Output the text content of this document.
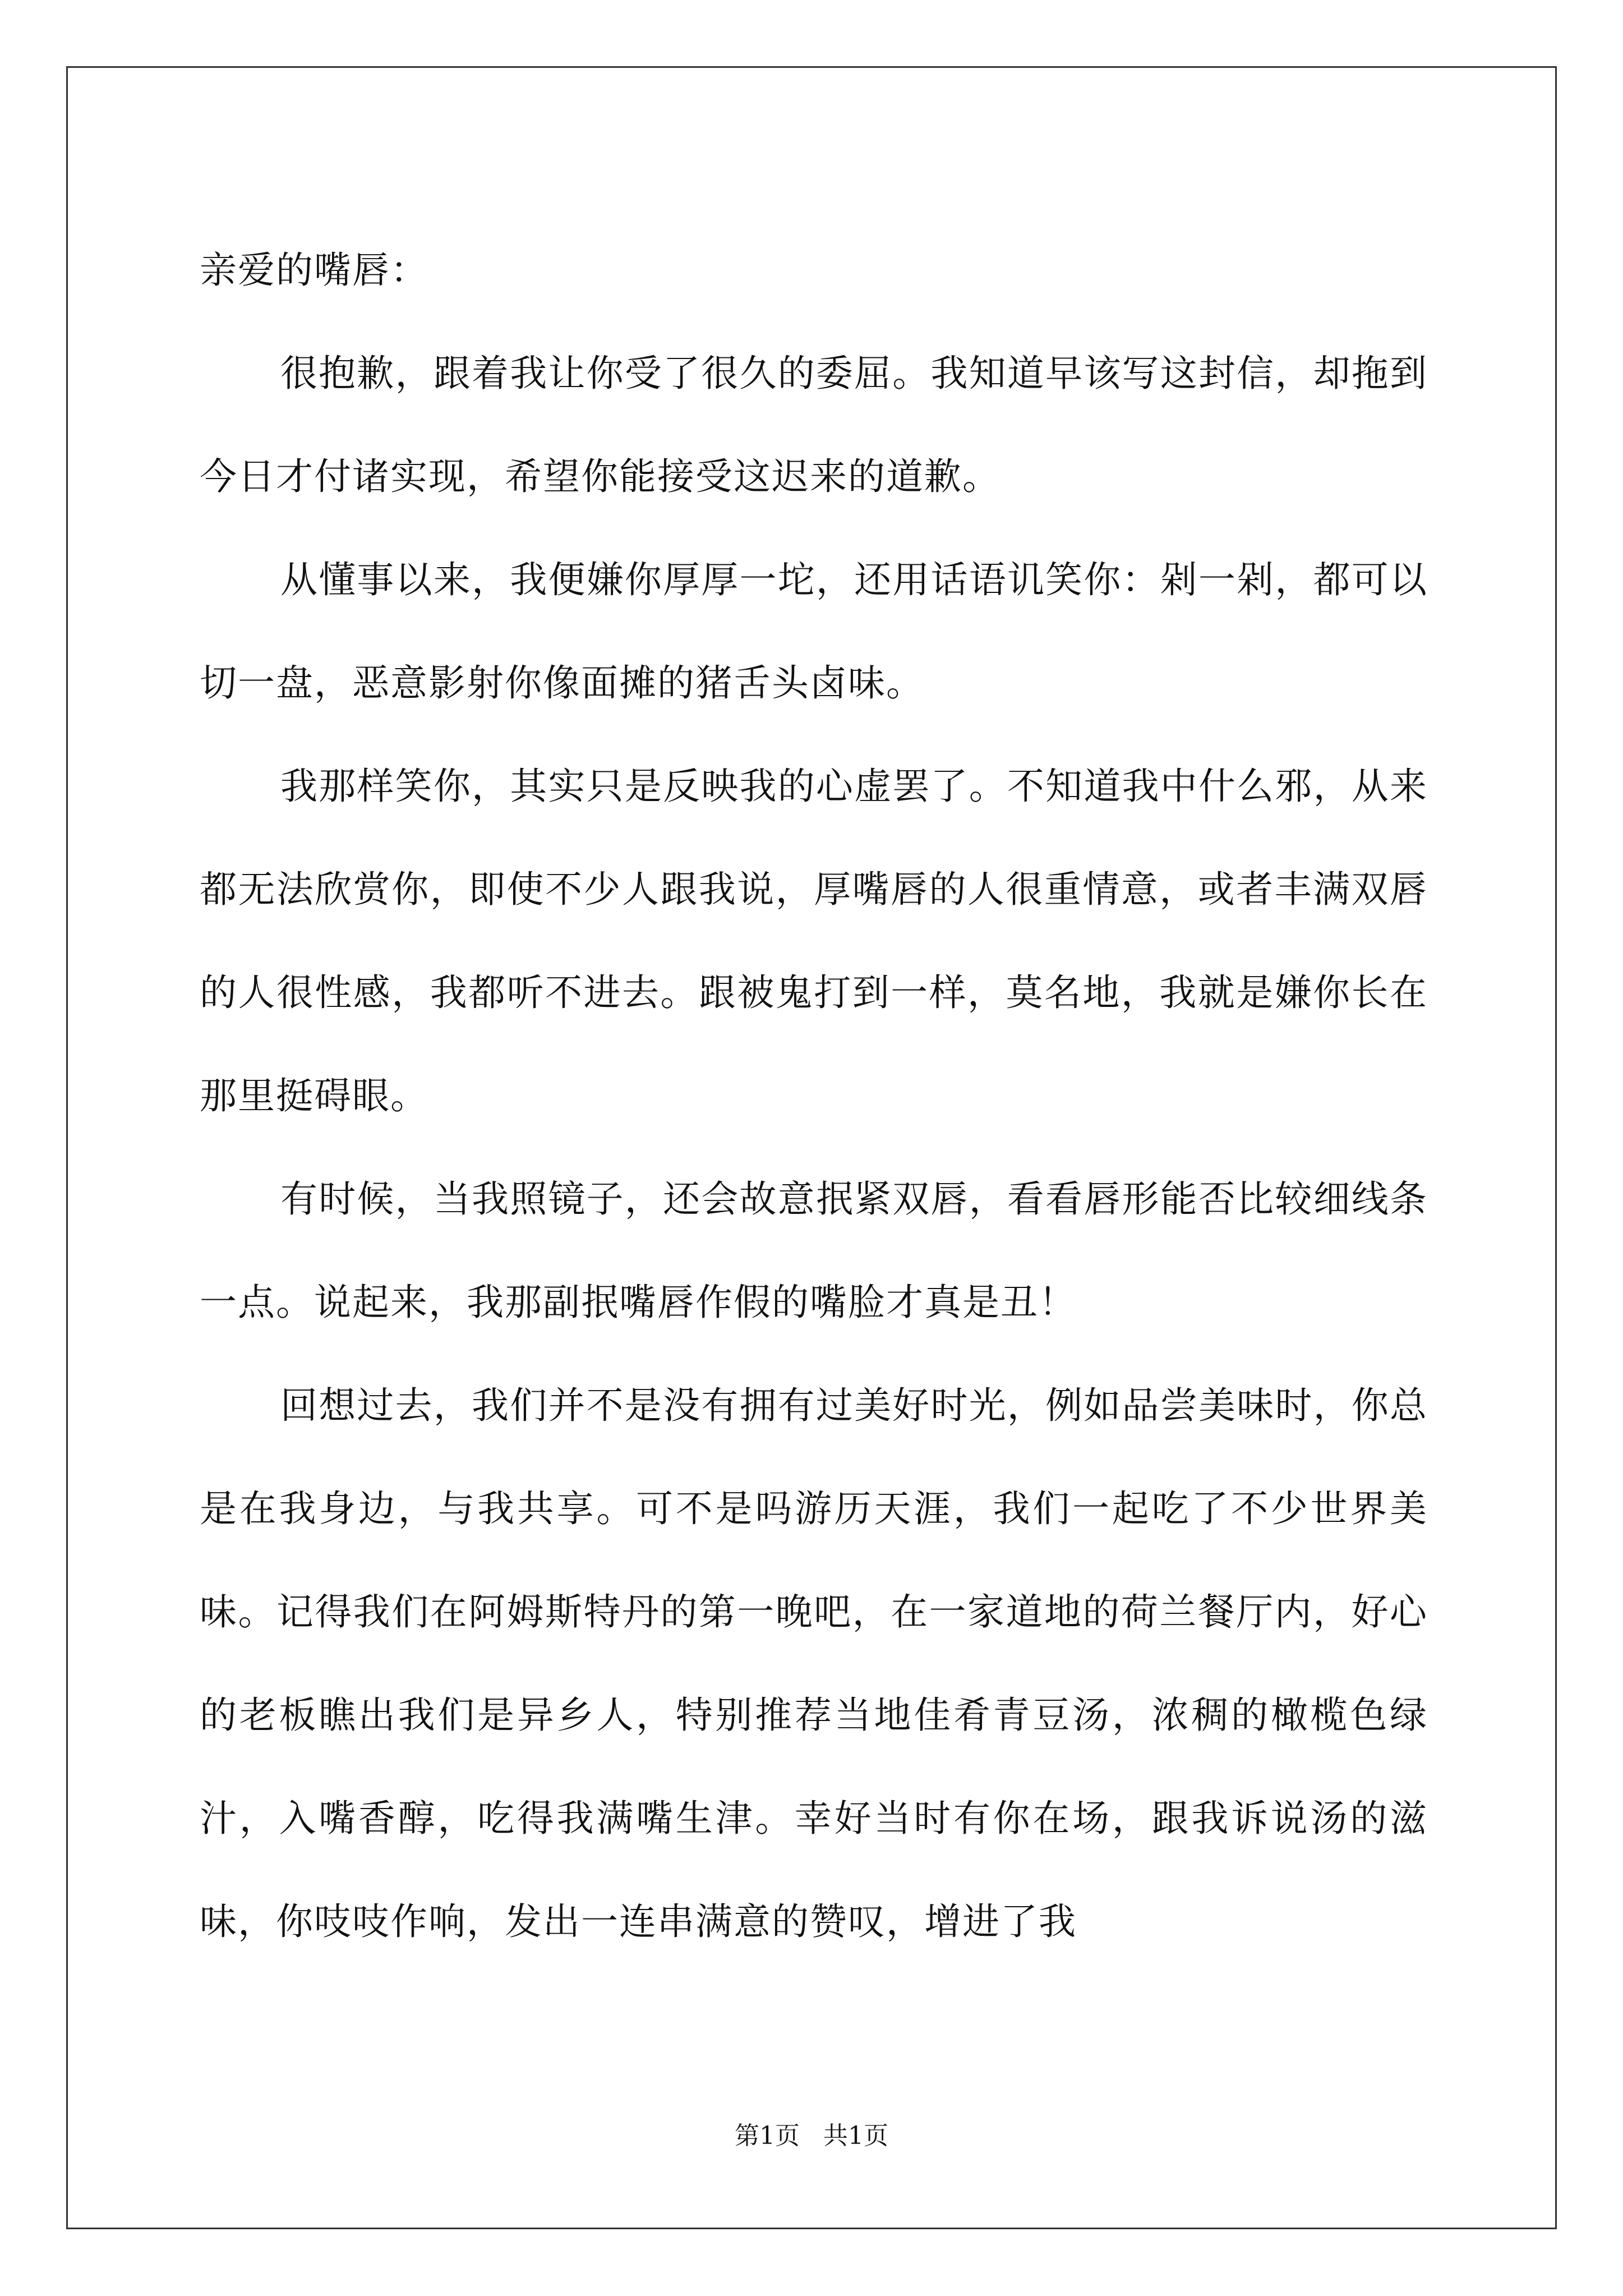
亲爱的嘴唇：

很抱歉，跟着我让你受了很久的委屈。我知道早该写这封信，却拖到今日才付诸实现，希望你能接受这迟来的道歉。

从懂事以来，我便嫌你厚厚一坨，还用话语讥笑你：剁一剁，都可以切一盘，恶意影射你像面摊的猪舌头卤味。

我那样笑你，其实只是反映我的心虚罢了。不知道我中什么邪，从来都无法欣赏你，即使不少人跟我说，厚嘴唇的人很重情意，或者丰满双唇的人很性感，我都听不进去。跟被鬼打到一样，莫名地，我就是嫌你长在那里挺碍眼。

有时候，当我照镜子，还会故意抿紧双唇，看看唇形能否比较细线条一点。说起来，我那副抿嘴唇作假的嘴脸才真是丑！

回想过去，我们并不是没有拥有过美好时光，例如品尝美味时，你总是在我身边，与我共享。可不是吗游历天涯，我们一起吃了不少世界美味。记得我们在阿姆斯特丹的第一晚吧，在一家道地的荷兰餐厅内，好心的老板瞧出我们是异乡人，特别推荐当地佳肴青豆汤，浓稠的橄榄色绿汁，入嘴香醇，吃得我满嘴生津。幸好当时有你在场，跟我诉说汤的滋味，你吱吱作响，发出一连串满意的赞叹，增进了我

第1页   共1页
